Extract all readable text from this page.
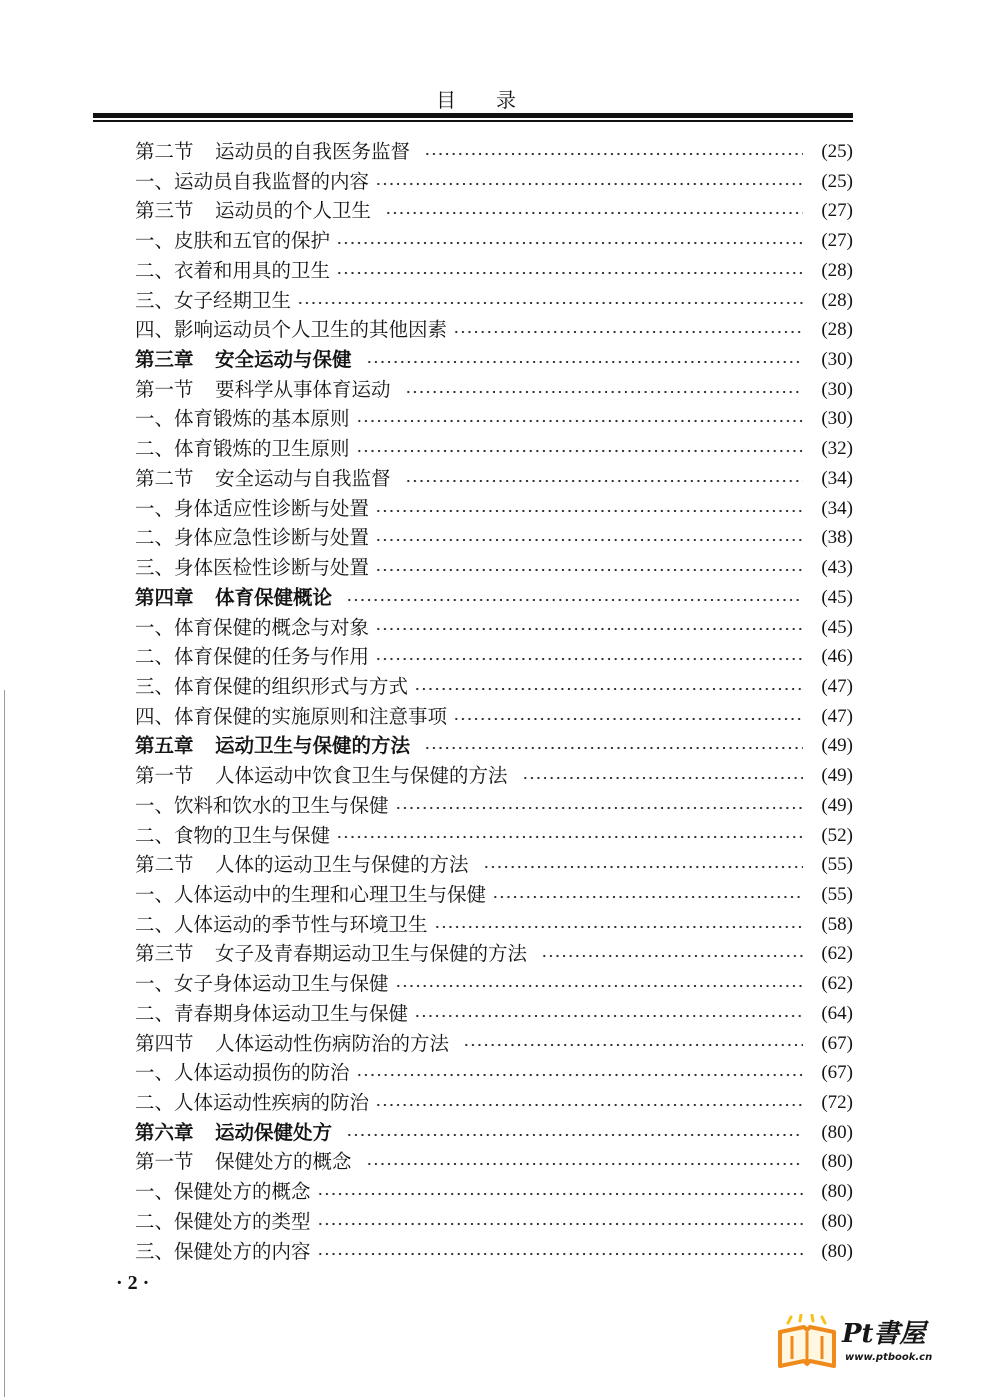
目　录
第二节	运动员的自我医务监督	(25)
一、运动员自我监督的内容	(25)
第三节	运动员的个人卫生	(27)
一、皮肤和五官的保护	(27)
二、衣着和用具的卫生	(28)
三、女子经期卫生	(28)
四、影响运动员个人卫生的其他因素	(28)
第三章	安全运动与保健	(30)
第一节	要科学从事体育运动	(30)
一、体育锻炼的基本原则	(30)
二、体育锻炼的卫生原则	(32)
第二节	安全运动与自我监督	(34)
一、身体适应性诊断与处置	(34)
二、身体应急性诊断与处置	(38)
三、身体医检性诊断与处置	(43)
第四章	体育保健概论	(45)
一、体育保健的概念与对象	(45)
二、体育保健的任务与作用	(46)
三、体育保健的组织形式与方式	(47)
四、体育保健的实施原则和注意事项	(47)
第五章	运动卫生与保健的方法	(49)
第一节	人体运动中饮食卫生与保健的方法	(49)
一、饮料和饮水的卫生与保健	(49)
二、食物的卫生与保健	(52)
第二节	人体的运动卫生与保健的方法	(55)
一、人体运动中的生理和心理卫生与保健	(55)
二、人体运动的季节性与环境卫生	(58)
第三节	女子及青春期运动卫生与保健的方法	(62)
一、女子身体运动卫生与保健	(62)
二、青春期身体运动卫生与保健	(64)
第四节	人体运动性伤病防治的方法	(67)
一、人体运动损伤的防治	(67)
二、人体运动性疾病的防治	(72)
第六章	运动保健处方	(80)
第一节	保健处方的概念	(80)
一、保健处方的概念	(80)
二、保健处方的类型	(80)
三、保健处方的内容	(80)
· 2 ·
Pt書屋
www.ptbook.cn
